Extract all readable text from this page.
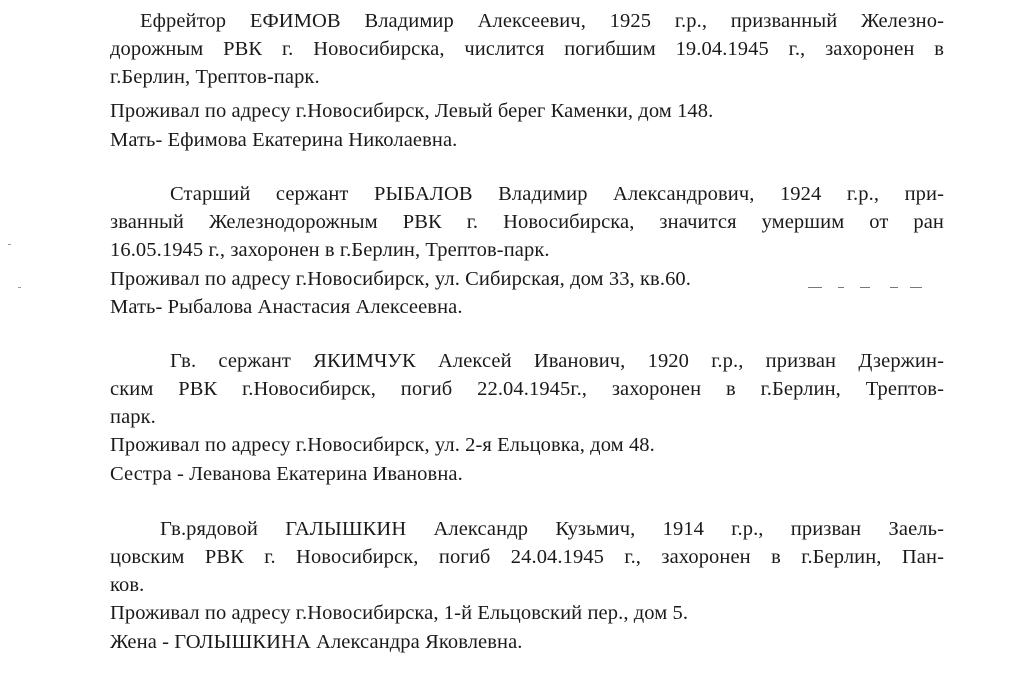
Ефрейтор ЕФИМОВ Владимир Алексеевич, 1925 г.р., призванный Железно-
дорожным РВК г. Новосибирска, числится погибшим 19.04.1945 г., захоронен в
г.Берлин, Трептов-парк.
Проживал по адресу г.Новосибирск, Левый берег Каменки, дом 148.
Мать- Ефимова Екатерина Николаевна.
Старший сержант РЫБАЛОВ Владимир Александрович, 1924 г.р., при-
званный Железнодорожным РВК г. Новосибирска, значится умершим от ран
16.05.1945 г., захоронен в г.Берлин, Трептов-парк.
Проживал по адресу г.Новосибирск, ул. Сибирская, дом 33, кв.60.
Мать- Рыбалова Анастасия Алексеевна.
Гв. сержант ЯКИМЧУК Алексей Иванович, 1920 г.р., призван Дзержин-
ским РВК г.Новосибирск, погиб 22.04.1945г., захоронен в г.Берлин, Трептов-
парк.
Проживал по адресу г.Новосибирск, ул. 2-я Ельцовка, дом 48.
Сестра - Леванова Екатерина Ивановна.
Гв.рядовой ГАЛЫШКИН Александр Кузьмич, 1914 г.р., призван Заель-
цовским РВК г. Новосибирск, погиб 24.04.1945 г., захоронен в г.Берлин, Пан-
ков.
Проживал по адресу г.Новосибирска, 1-й Ельцовский пер., дом 5.
Жена - ГОЛЫШКИНА Александра Яковлевна.
